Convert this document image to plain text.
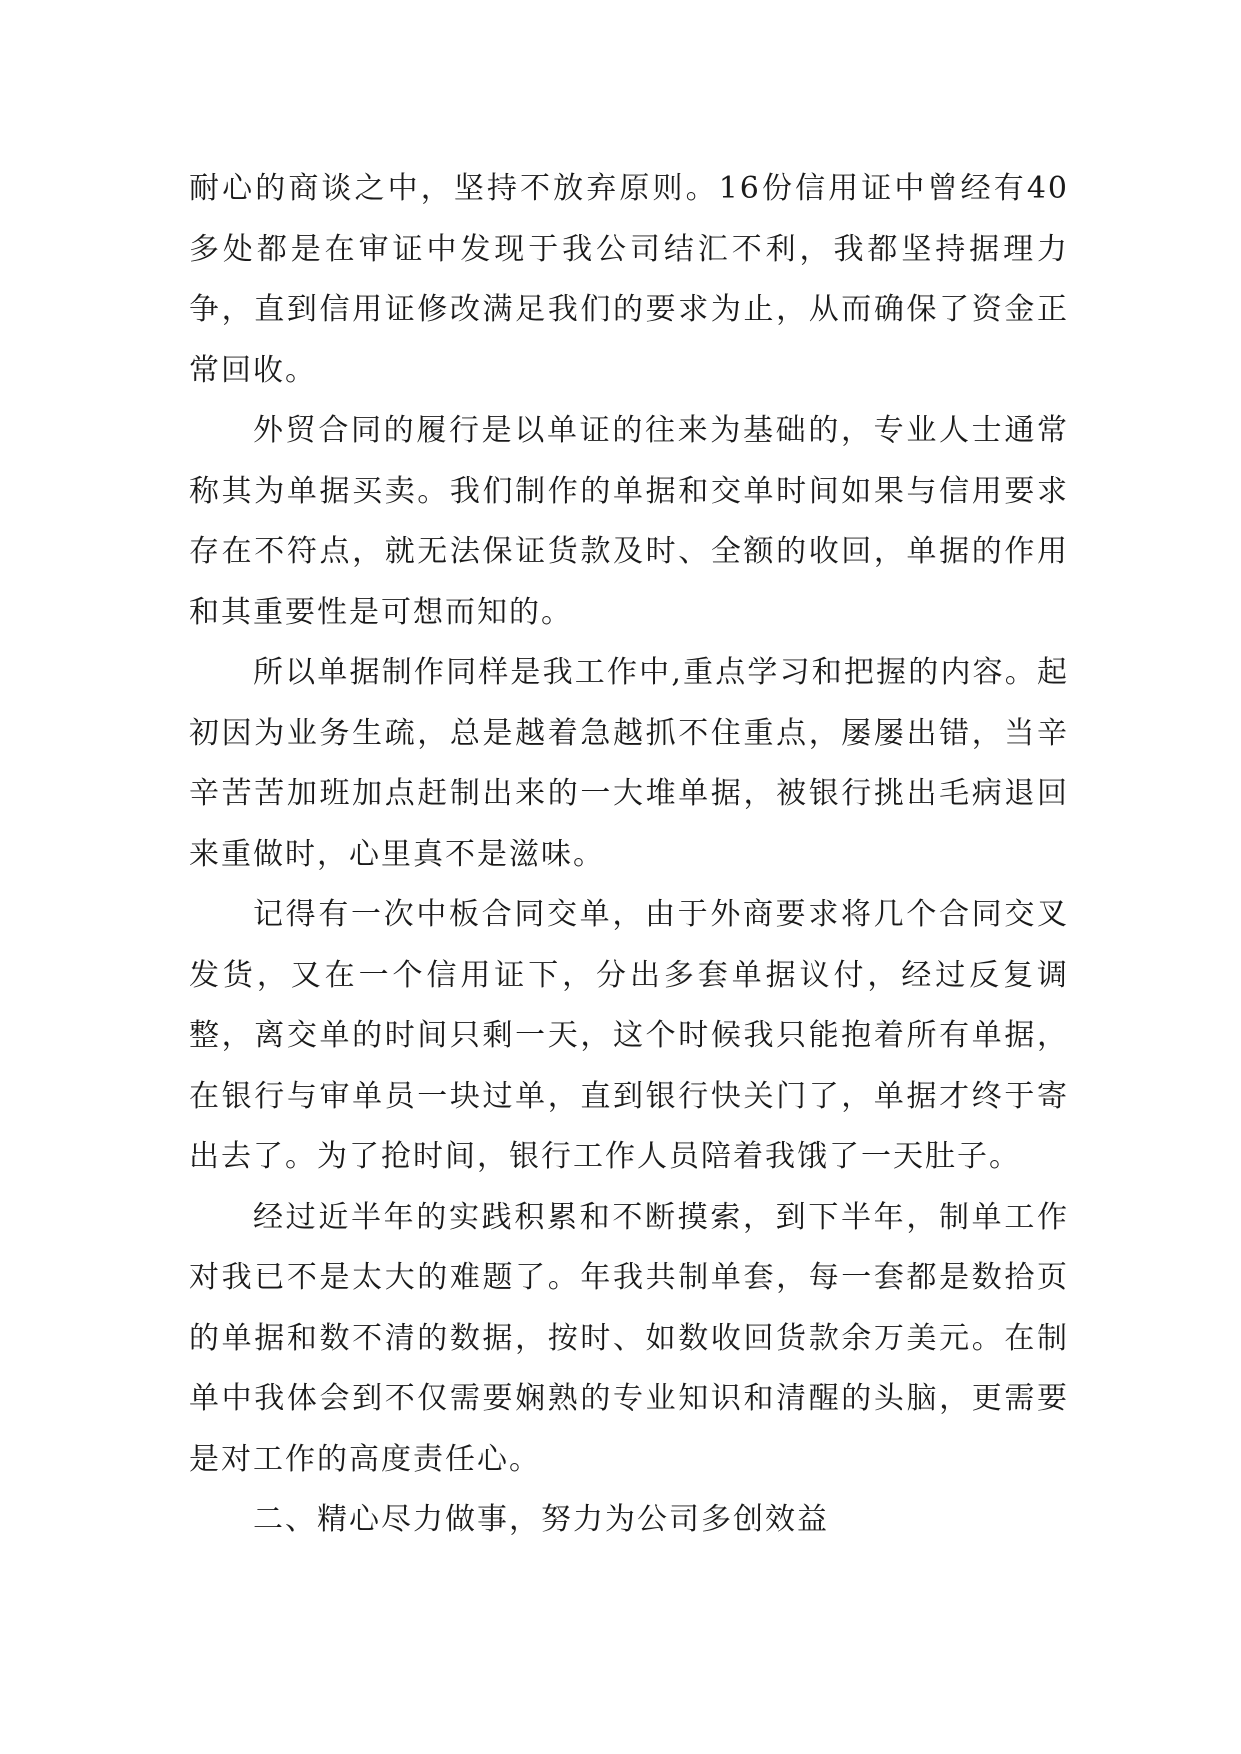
耐心的商谈之中，坚持不放弃原则。16份信用证中曾经有40多处都是在审证中发现于我公司结汇不利，我都坚持据理力争，直到信用证修改满足我们的要求为止，从而确保了资金正常回收。

外贸合同的履行是以单证的往来为基础的，专业人士通常称其为单据买卖。我们制作的单据和交单时间如果与信用要求存在不符点，就无法保证货款及时、全额的收回，单据的作用和其重要性是可想而知的。

所以单据制作同样是我工作中,重点学习和把握的内容。起初因为业务生疏，总是越着急越抓不住重点，屡屡出错，当辛辛苦苦加班加点赶制出来的一大堆单据，被银行挑出毛病退回来重做时，心里真不是滋味。

记得有一次中板合同交单，由于外商要求将几个合同交叉发货，又在一个信用证下，分出多套单据议付，经过反复调整，离交单的时间只剩一天，这个时候我只能抱着所有单据，在银行与审单员一块过单，直到银行快关门了，单据才终于寄出去了。为了抢时间，银行工作人员陪着我饿了一天肚子。

经过近半年的实践积累和不断摸索，到下半年，制单工作对我已不是太大的难题了。年我共制单套，每一套都是数拾页的单据和数不清的数据，按时、如数收回货款余万美元。在制单中我体会到不仅需要娴熟的专业知识和清醒的头脑，更需要是对工作的高度责任心。

二、精心尽力做事，努力为公司多创效益
